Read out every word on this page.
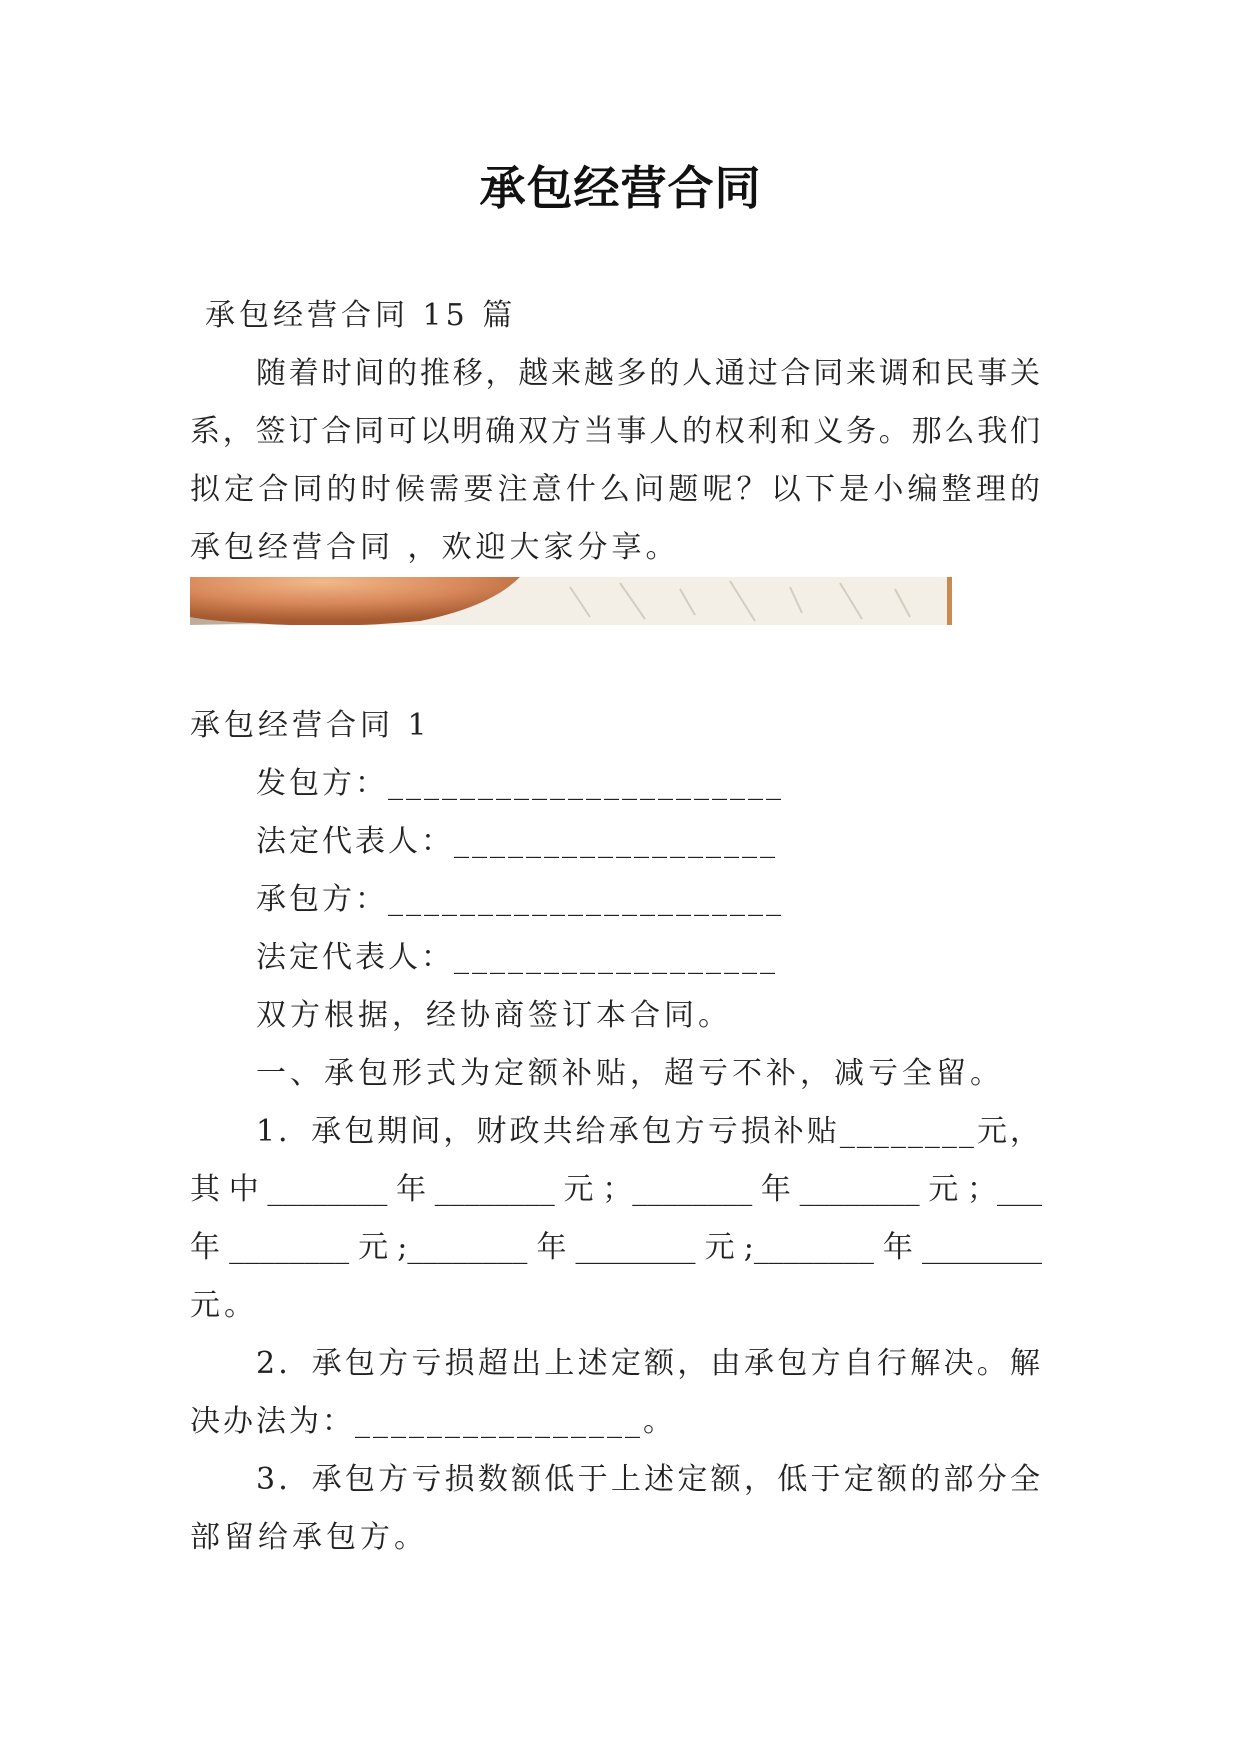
承包经营合同
承包经营合同 15 篇
随着时间的推移，越来越多的人通过合同来调和民事关
系，签订合同可以明确双方当事人的权利和义务。那么我们
拟定合同的时候需要注意什么问题呢？以下是小编整理的
承包经营合同 ，欢迎大家分享。
承包经营合同 1
发包方：______________________
法定代表人：__________________
承包方：______________________
法定代表人：__________________
双方根据，经协商签订本合同。
一、承包形式为定额补贴，超亏不补，减亏全留。
1．承包期间，财政共给承包方亏损补贴________元，
其中________年________元；________年________元；___
年________元;________年________元;________年________
元。
2．承包方亏损超出上述定额，由承包方自行解决。解
决办法为：________________。
3．承包方亏损数额低于上述定额，低于定额的部分全
部留给承包方。
